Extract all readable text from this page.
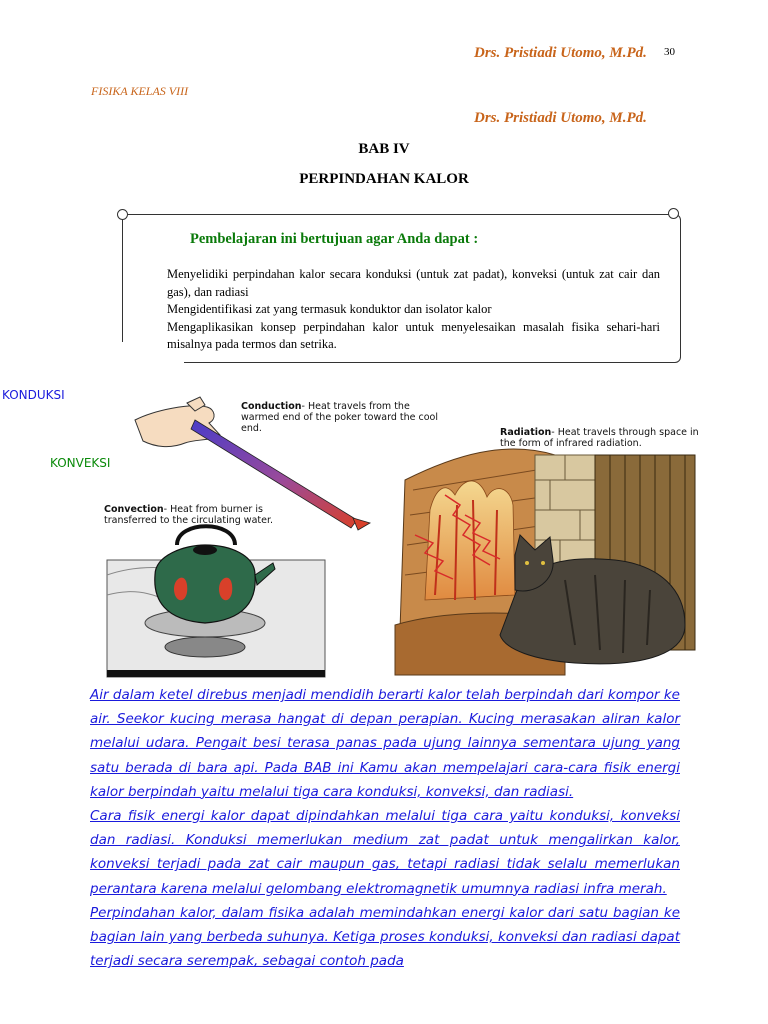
Drs. Pristiadi Utomo, M.Pd. 30
FISIKA KELAS VIII
Drs. Pristiadi Utomo, M.Pd.
BAB IV
PERPINDAHAN KALOR
Pembelajaran ini bertujuan agar Anda dapat :
Menyelidiki perpindahan kalor secara konduksi (untuk zat padat), konveksi (untuk zat cair dan gas), dan radiasi
Mengidentifikasi zat yang termasuk konduktor dan isolator kalor
Mengaplikasikan konsep perpindahan kalor untuk menyelesaikan masalah fisika sehari-hari misalnya pada termos dan setrika.
KONDUKSI
KONVEKSI
Conduction- Heat travels from the warmed end of the poker toward the cool end.	Radiation- Heat travels through space in the form of infrared radiation.
Convection- Heat from burner is transferred to the circulating water.

Air dalam ketel direbus menjadi mendidih berarti kalor telah berpindah dari kompor ke air. Seekor kucing merasa hangat di depan perapian. Kucing merasakan aliran kalor melalui udara. Pengait besi terasa panas pada ujung lainnya sementara ujung yang satu berada di bara api. Pada BAB ini Kamu akan mempelajari cara-cara fisik energi kalor berpindah yaitu melalui tiga cara konduksi, konveksi, dan radiasi.

Cara fisik energi kalor dapat dipindahkan melalui tiga cara yaitu konduksi, konveksi dan radiasi. Konduksi memerlukan medium zat padat untuk mengalirkan kalor, konveksi terjadi pada zat cair maupun gas, tetapi radiasi tidak selalu memerlukan perantara karena melalui gelombang elektromagnetik umumnya radiasi infra merah.

Perpindahan kalor, dalam fisika adalah memindahkan energi kalor dari satu bagian ke bagian lain yang berbeda suhunya. Ketiga proses konduksi, konveksi dan radiasi dapat terjadi secara serempak, sebagai contoh pada
